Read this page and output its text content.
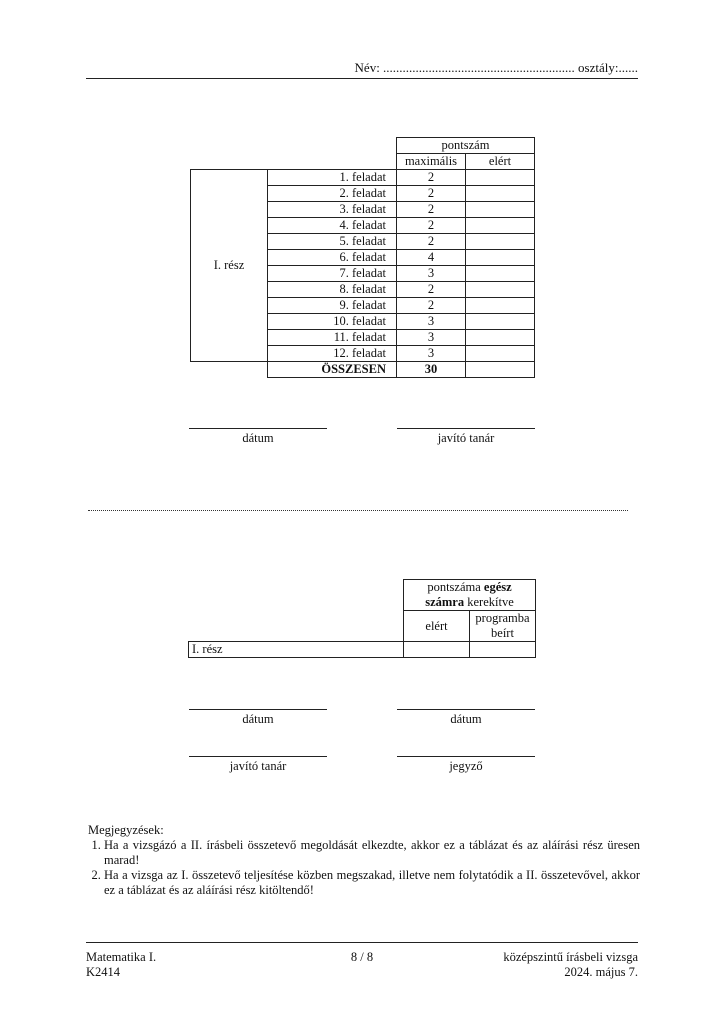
Név: ........................................................... osztály:......
		pontszám	
		maximális	elért
I. rész	1. feladat	2	
	2. feladat	2	
	3. feladat	2	
	4. feladat	2	
	5. feladat	2	
	6. feladat	4	
	7. feladat	3	
	8. feladat	2	
	9. feladat	2	
	10. feladat	3	
	11. feladat	3	
	12. feladat	3	
	ÖSSZESEN	30	
dátum	javító tanár
	pontszáma egész
számra kerekítve	
	elért	programba
beírt
I. rész		
dátum	dátum
javító tanár	jegyző
Megjegyzések:
1. Ha a vizsgázó a II. írásbeli összetevő megoldását elkezdte, akkor ez a táblázat és az aláírási rész üresen marad!
2. Ha a vizsga az I. összetevő teljesítése közben megszakad, illetve nem folytatódik a II. összetevővel, akkor ez a táblázat és az aláírási rész kitöltendő!
Matematika I.
K2414
8 / 8	középszintű írásbeli vizsga
2024. május 7.
